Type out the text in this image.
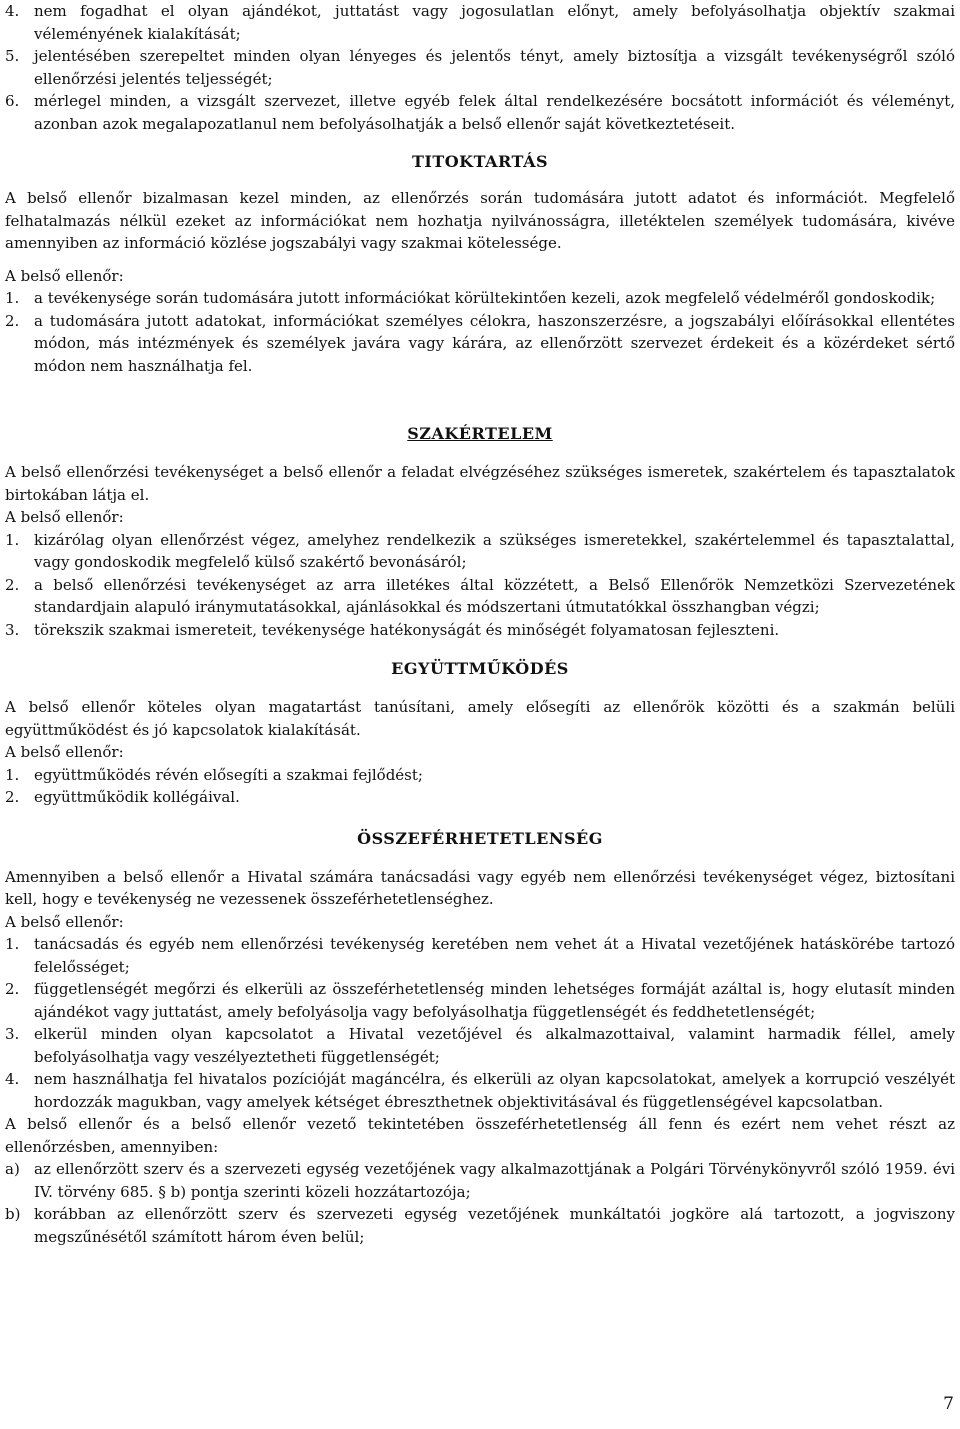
4. nem fogadhat el olyan ajándékot, juttatást vagy jogosulatlan előnyt, amely befolyásolhatja objektív szakmai véleményének kialakítását;
5. jelentésében szerepeltet minden olyan lényeges és jelentős tényt, amely biztosítja a vizsgált tevékenységről szóló ellenőrzési jelentés teljességét;
6. mérlegel minden, a vizsgált szervezet, illetve egyéb felek által rendelkezésére bocsátott információt és véleményt, azonban azok megalapozatlanul nem befolyásolhatják a belső ellenőr saját következtetéseit.
TITOKTARTÁS

A belső ellenőr bizalmasan kezel minden, az ellenőrzés során tudomására jutott adatot és információt. Megfelelő felhatalmazás nélkül ezeket az információkat nem hozhatja nyilvánosságra, illetéktelen személyek tudomására, kivéve amennyiben az információ közlése jogszabályi vagy szakmai kötelessége.

A belső ellenőr:

1. a tevékenysége során tudomására jutott információkat körültekintően kezeli, azok megfelelő védelméről gondoskodik;
2. a tudomására jutott adatokat, információkat személyes célokra, haszonszerzésre, a jogszabályi előírásokkal ellentétes módon, más intézmények és személyek javára vagy kárára, az ellenőrzött szervezet érdekeit és a közérdeket sértő módon nem használhatja fel.
SZAKÉRTELEM

A belső ellenőrzési tevékenységet a belső ellenőr a feladat elvégzéséhez szükséges ismeretek, szakértelem és tapasztalatok birtokában látja el.

A belső ellenőr:

1. kizárólag olyan ellenőrzést végez, amelyhez rendelkezik a szükséges ismeretekkel, szakértelemmel és tapasztalattal, vagy gondoskodik megfelelő külső szakértő bevonásáról;
2. a belső ellenőrzési tevékenységet az arra illetékes által közzétett, a Belső Ellenőrök Nemzetközi Szervezetének standardjain alapuló iránymutatásokkal, ajánlásokkal és módszertani útmutatókkal összhangban végzi;
3. törekszik szakmai ismereteit, tevékenysége hatékonyságát és minőségét folyamatosan fejleszteni.
EGYÜTTMŰKÖDÉS

A belső ellenőr köteles olyan magatartást tanúsítani, amely elősegíti az ellenőrök közötti és a szakmán belüli együttműködést és jó kapcsolatok kialakítását.

A belső ellenőr:

1. együttműködés révén elősegíti a szakmai fejlődést;
2. együttműködik kollégáival.
ÖSSZEFÉRHETETLENSÉG

Amennyiben a belső ellenőr a Hivatal számára tanácsadási vagy egyéb nem ellenőrzési tevékenységet végez, biztosítani kell, hogy e tevékenység ne vezessenek összeférhetetlenséghez.

A belső ellenőr:

1. tanácsadás és egyéb nem ellenőrzési tevékenység keretében nem vehet át a Hivatal vezetőjének hatáskörébe tartozó felelősséget;
2. függetlenségét megőrzi és elkerüli az összeférhetetlenség minden lehetséges formáját azáltal is, hogy elutasít minden ajándékot vagy juttatást, amely befolyásolja vagy befolyásolhatja függetlenségét és feddhetetlenségét;
3. elkerül minden olyan kapcsolatot a Hivatal vezetőjével és alkalmazottaival, valamint harmadik féllel, amely befolyásolhatja vagy veszélyeztetheti függetlenségét;
4. nem használhatja fel hivatalos pozícióját magáncélra, és elkerüli az olyan kapcsolatokat, amelyek a korrupció veszélyét hordozzák magukban, vagy amelyek kétséget ébreszthetnek objektivitásával és függetlenségével kapcsolatban.

A belső ellenőr és a belső ellenőr vezető tekintetében összeférhetetlenség áll fenn és ezért nem vehet részt az ellenőrzésben, amennyiben:

a) az ellenőrzött szerv és a szervezeti egység vezetőjének vagy alkalmazottjának a Polgári Törvénykönyvről szóló 1959. évi IV. törvény 685. § b) pontja szerinti közeli hozzátartozója;
b) korábban az ellenőrzött szerv és szervezeti egység vezetőjének munkáltatói jogköre alá tartozott, a jogviszony megszűnésétől számított három éven belül;
7
